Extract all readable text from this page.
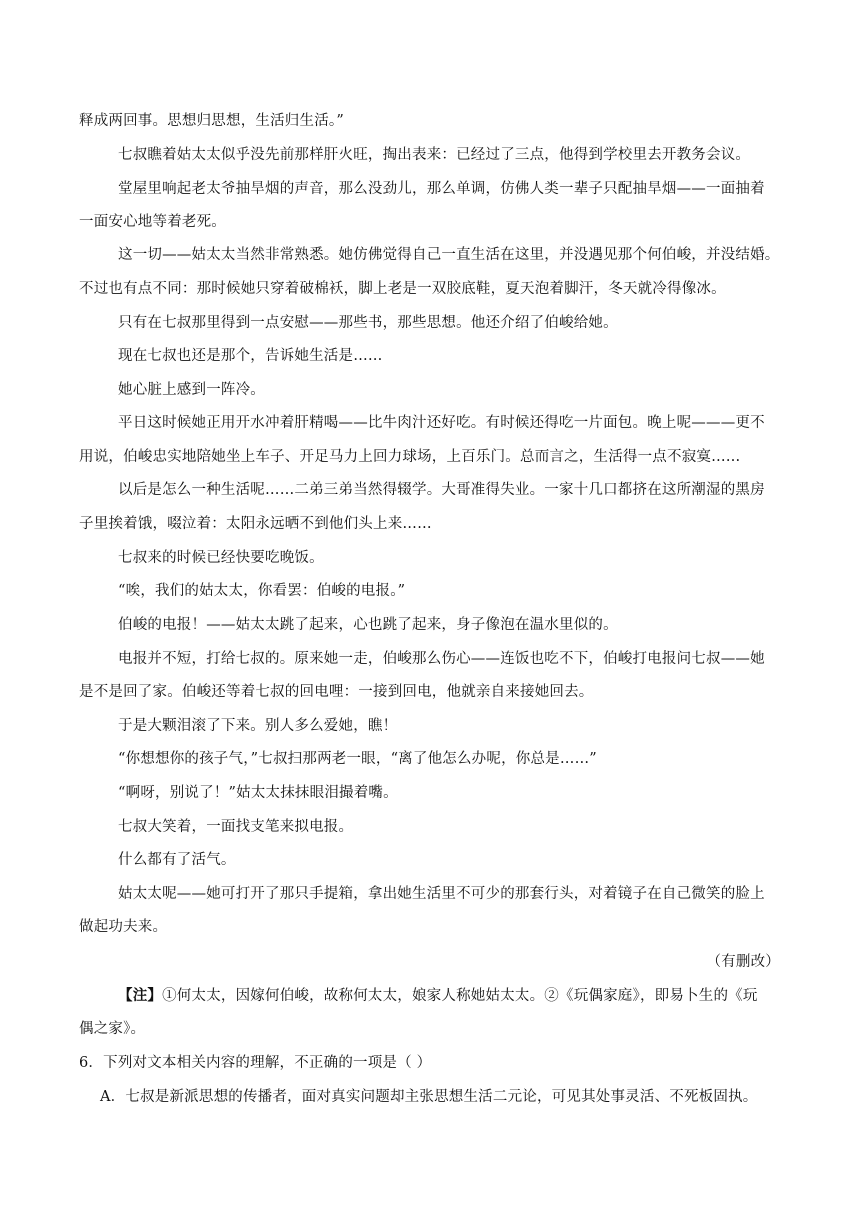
释成两回事。思想归思想，生活归生活。”
七叔瞧着姑太太似乎没先前那样肝火旺，掏出表来：已经过了三点，他得到学校里去开教务会议。
堂屋里响起老太爷抽旱烟的声音，那么没劲儿，那么单调，仿佛人类一辈子只配抽旱烟——一面抽着
一面安心地等着老死。
这一切——姑太太当然非常熟悉。她仿佛觉得自己一直生活在这里，并没遇见那个何伯峻，并没结婚。
不过也有点不同：那时候她只穿着破棉袄，脚上老是一双胶底鞋，夏天泡着脚汗，冬天就冷得像冰。
只有在七叔那里得到一点安慰——那些书，那些思想。他还介绍了伯峻给她。
现在七叔也还是那个，告诉她生活是……
她心脏上感到一阵冷。
平日这时候她正用开水冲着肝精喝——比牛肉汁还好吃。有时候还得吃一片面包。晚上呢———更不
用说，伯峻忠实地陪她坐上车子、开足马力上回力球场，上百乐门。总而言之，生活得一点不寂寞……
以后是怎么一种生活呢……二弟三弟当然得辍学。大哥准得失业。一家十几口都挤在这所潮湿的黑房
子里挨着饿，啜泣着：太阳永远晒不到他们头上来……
七叔来的时候已经快要吃晚饭。
“唉，我们的姑太太，你看罢：伯峻的电报。”
伯峻的电报！——姑太太跳了起来，心也跳了起来，身子像泡在温水里似的。
电报并不短，打给七叔的。原来她一走，伯峻那么伤心——连饭也吃不下，伯峻打电报问七叔——她
是不是回了家。伯峻还等着七叔的回电哩：一接到回电，他就亲自来接她回去。
于是大颗泪滚了下来。别人多么爱她，瞧！
“你想想你的孩子气，”七叔扫那两老一眼，“离了他怎么办呢，你总是……”
“啊呀，别说了！”姑太太抹抹眼泪撮着嘴。
七叔大笑着，一面找支笔来拟电报。
什么都有了活气。
姑太太呢——她可打开了那只手提箱，拿出她生活里不可少的那套行头，对着镜子在自己微笑的脸上
做起功夫来。
（有删改）
【注】①何太太，因嫁何伯峻，故称何太太，娘家人称她姑太太。②《玩偶家庭》，即易卜生的《玩
偶之家》。
6．下列对文本相关内容的理解，不正确的一项是（ ）
A．七叔是新派思想的传播者，面对真实问题却主张思想生活二元论，可见其处事灵活、不死板固执。
